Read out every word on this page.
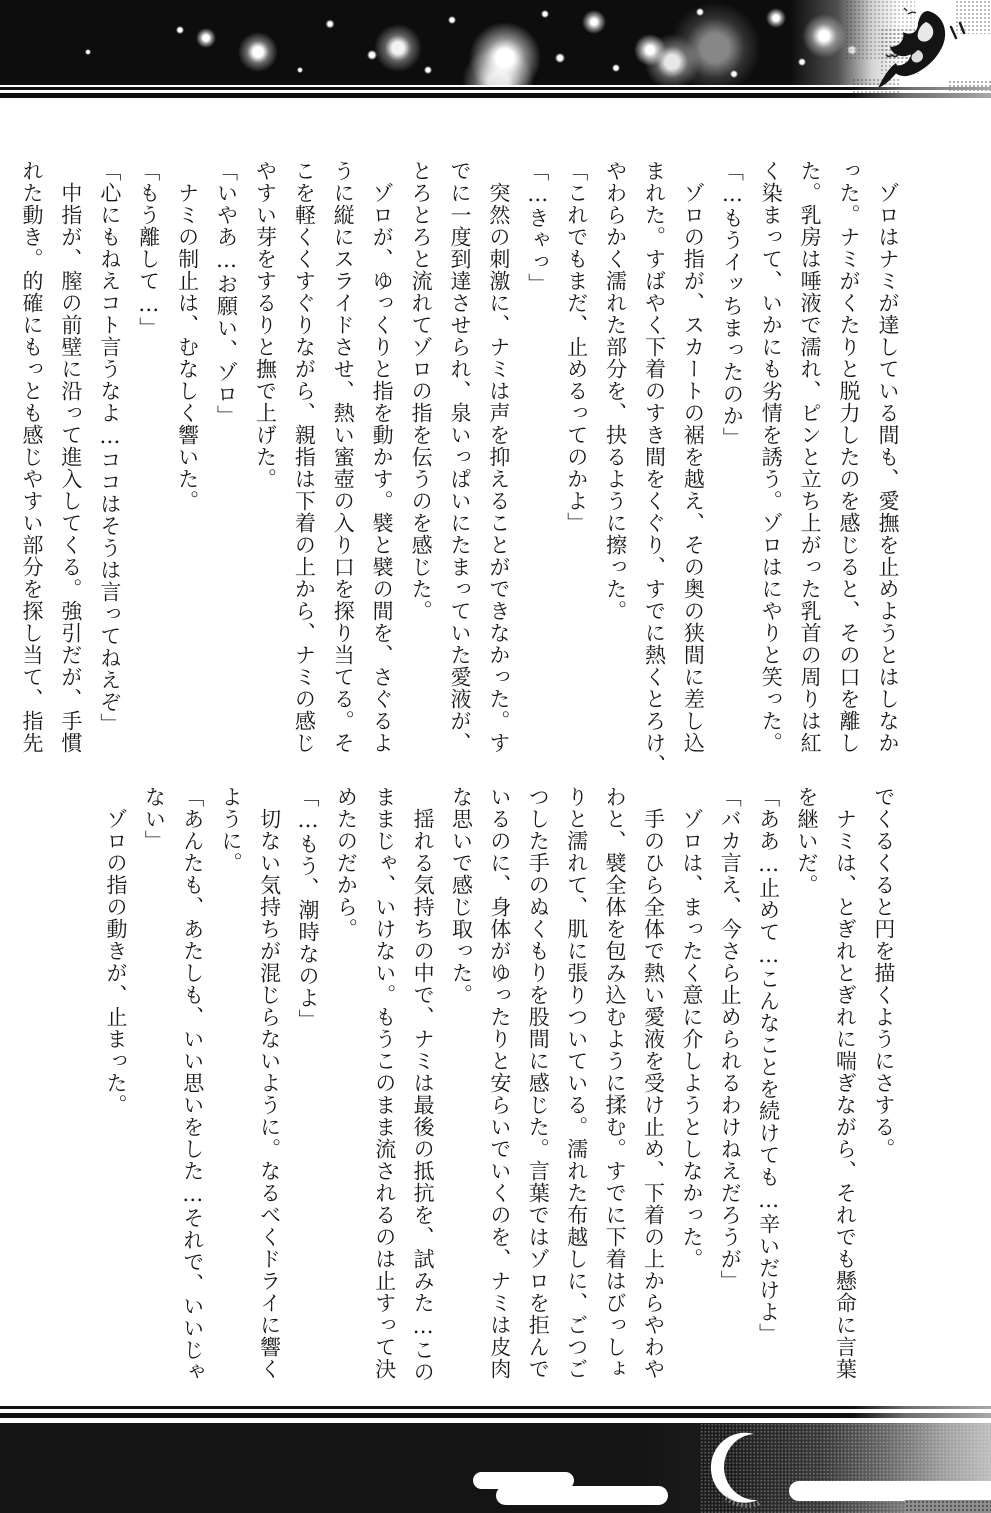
　ゾロはナミが達している間も、愛撫を止めようとはしなか
った。ナミがくたりと脱力したのを感じると、その口を離し
た。乳房は唾液で濡れ、ピンと立ち上がった乳首の周りは紅
く染まって、いかにも劣情を誘う。ゾロはにやりと笑った。
「…もうイッちまったのか」
　ゾロの指が、スカートの裾を越え、その奥の狭間に差し込
まれた。すばやく下着のすき間をくぐり、すでに熱くとろけ、
やわらかく濡れた部分を、抉るように擦った。
「これでもまだ、止めるってのかよ」
「…きゃっ」
　突然の刺激に、ナミは声を抑えることができなかった。す
でに一度到達させられ、泉いっぱいにたまっていた愛液が、
とろとろと流れてゾロの指を伝うのを感じた。
　ゾロが、ゆっくりと指を動かす。襞と襞の間を、さぐるよ
うに縦にスライドさせ、熱い蜜壺の入り口を探り当てる。そ
こを軽くくすぐりながら、親指は下着の上から、ナミの感じ
やすい芽をするりと撫で上げた。
「いやあ…お願い、ゾロ」
　ナミの制止は、むなしく響いた。
「もう離して…」
「心にもねえコト言うなよ…ココはそうは言ってねえぞ」
　中指が、膣の前壁に沿って進入してくる。強引だが、手慣
れた動き。的確にもっとも感じやすい部分を探し当て、指先
でくるくると円を描くようにさする。
　ナミは、とぎれとぎれに喘ぎながら、それでも懸命に言葉
を継いだ。
「ああ…止めて…こんなことを続けても…辛いだけよ」
「バカ言え、今さら止められるわけねえだろうが」
　ゾロは、まったく意に介しようとしなかった。
　手のひら全体で熱い愛液を受け止め、下着の上からやわや
わと、襞全体を包み込むように揉む。すでに下着はびっしょ
りと濡れて、肌に張りついている。濡れた布越しに、ごつご
つした手のぬくもりを股間に感じた。言葉ではゾロを拒んで
いるのに、身体がゆったりと安らいでいくのを、ナミは皮肉
な思いで感じ取った。
　揺れる気持ちの中で、ナミは最後の抵抗を、試みた…この
ままじゃ、いけない。もうこのまま流されるのは止すって決
めたのだから。
「…もう、潮時なのよ」
　切ない気持ちが混じらないように。なるべくドライに響く
ように。
「あんたも、あたしも、いい思いをした…それで、いいじゃ
ない」
　ゾロの指の動きが、止まった。
